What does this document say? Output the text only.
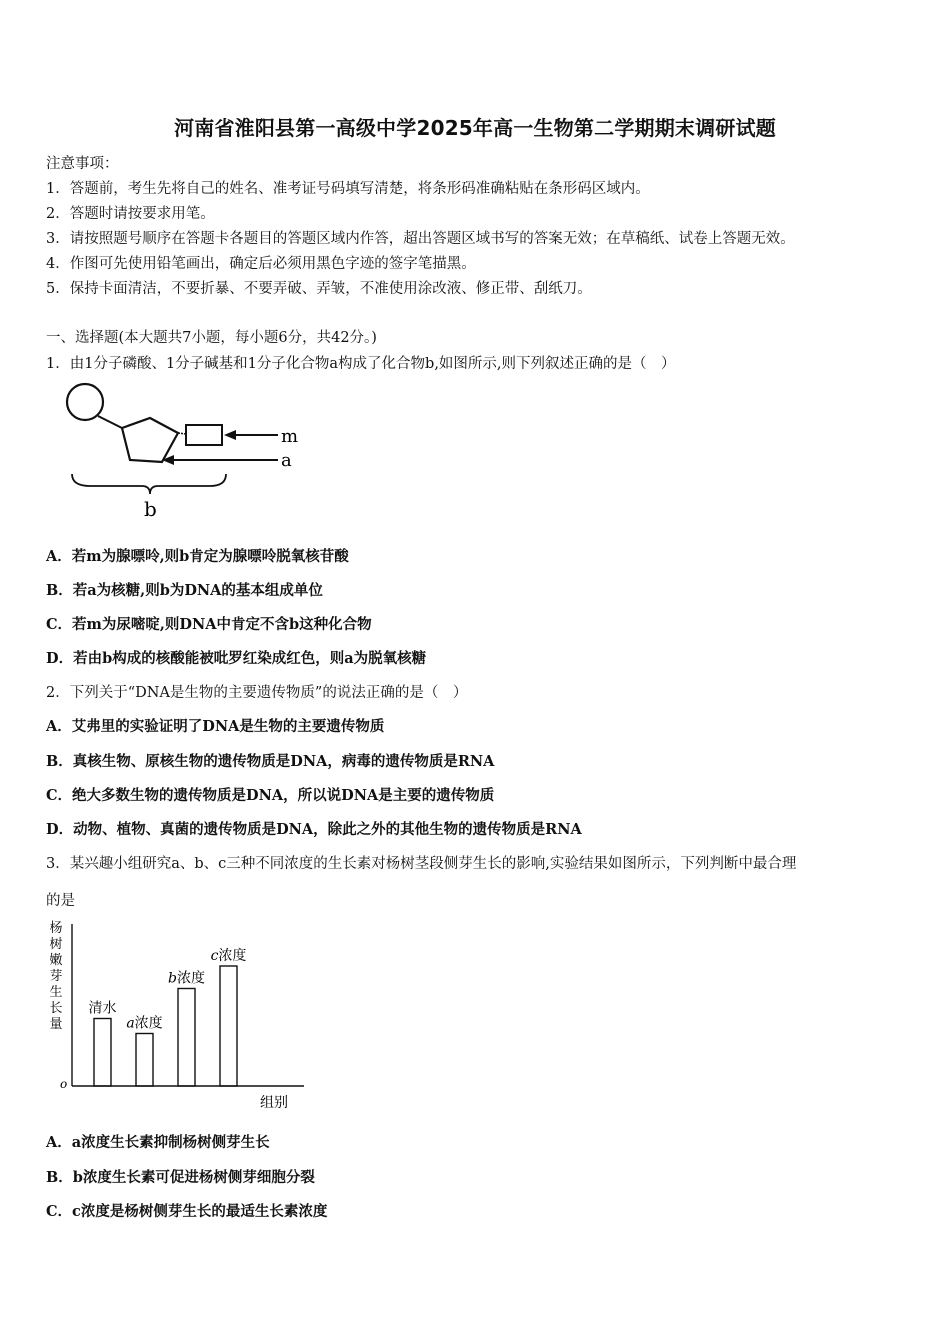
河南省淮阳县第一高级中学2025年高一生物第二学期期末调研试题
注意事项：
1．答题前，考生先将自己的姓名、准考证号码填写清楚，将条形码准确粘贴在条形码区域内。
2．答题时请按要求用笔。
3．请按照题号顺序在答题卡各题目的答题区域内作答，超出答题区域书写的答案无效；在草稿纸、试卷上答题无效。
4．作图可先使用铅笔画出，确定后必须用黑色字迹的签字笔描黑。
5．保持卡面清洁，不要折暴、不要弄破、弄皱，不准使用涂改液、修正带、刮纸刀。
一、选择题(本大题共7小题，每小题6分，共42分。)
1．由1分子磷酸、1分子碱基和1分子化合物a构成了化合物b,如图所示,则下列叙述正确的是（　）
m
a
b
A．若m为腺嘌呤,则b肯定为腺嘌呤脱氧核苷酸
B．若a为核糖,则b为DNA的基本组成单位
C．若m为尿嘧啶,则DNA中肯定不含b这种化合物
D．若由b构成的核酸能被吡罗红染成红色，则a为脱氧核糖
2．下列关于“DNA是生物的主要遗传物质”的说法正确的是（　）
A．艾弗里的实验证明了DNA是生物的主要遗传物质
B．真核生物、原核生物的遗传物质是DNA，病毒的遗传物质是RNA
C．绝大多数生物的遗传物质是DNA，所以说DNA是主要的遗传物质
D．动物、植物、真菌的遗传物质是DNA，除此之外的其他生物的遗传物质是RNA
3．某兴趣小组研究a、b、c三种不同浓度的生长素对杨树茎段侧芽生长的影响,实验结果如图所示，下列判断中最合理
的是
杨树嫩芽生长量
o
组别
清水
a浓度
b浓度
c浓度
A．a浓度生长素抑制杨树侧芽生长
B．b浓度生长素可促进杨树侧芽细胞分裂
C．c浓度是杨树侧芽生长的最适生长素浓度
